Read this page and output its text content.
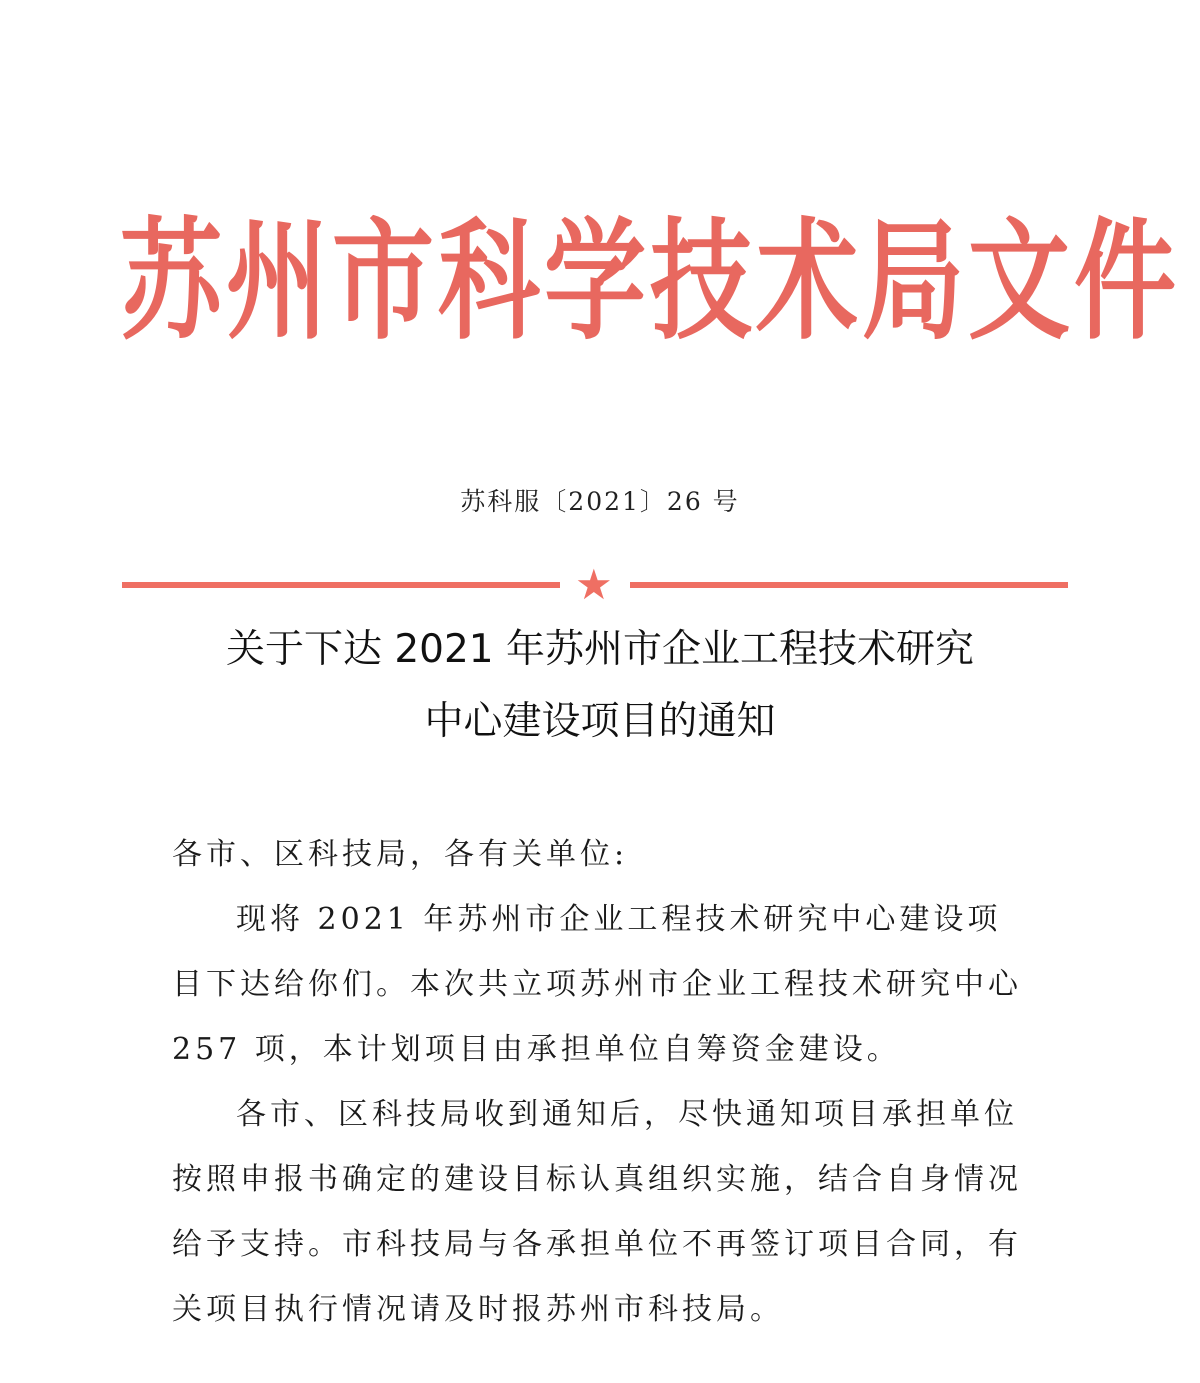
苏州市科学技术局文件
苏科服〔2021〕26 号
★
关于下达 2021 年苏州市企业工程技术研究
中心建设项目的通知

各市、区科技局，各有关单位:

现将 2021 年苏州市企业工程技术研究中心建设项目下达给你们。本次共立项苏州市企业工程技术研究中心 257 项，本计划项目由承担单位自筹资金建设。

各市、区科技局收到通知后，尽快通知项目承担单位按照申报书确定的建设目标认真组织实施，结合自身情况给予支持。市科技局与各承担单位不再签订项目合同，有关项目执行情况请及时报苏州市科技局。
